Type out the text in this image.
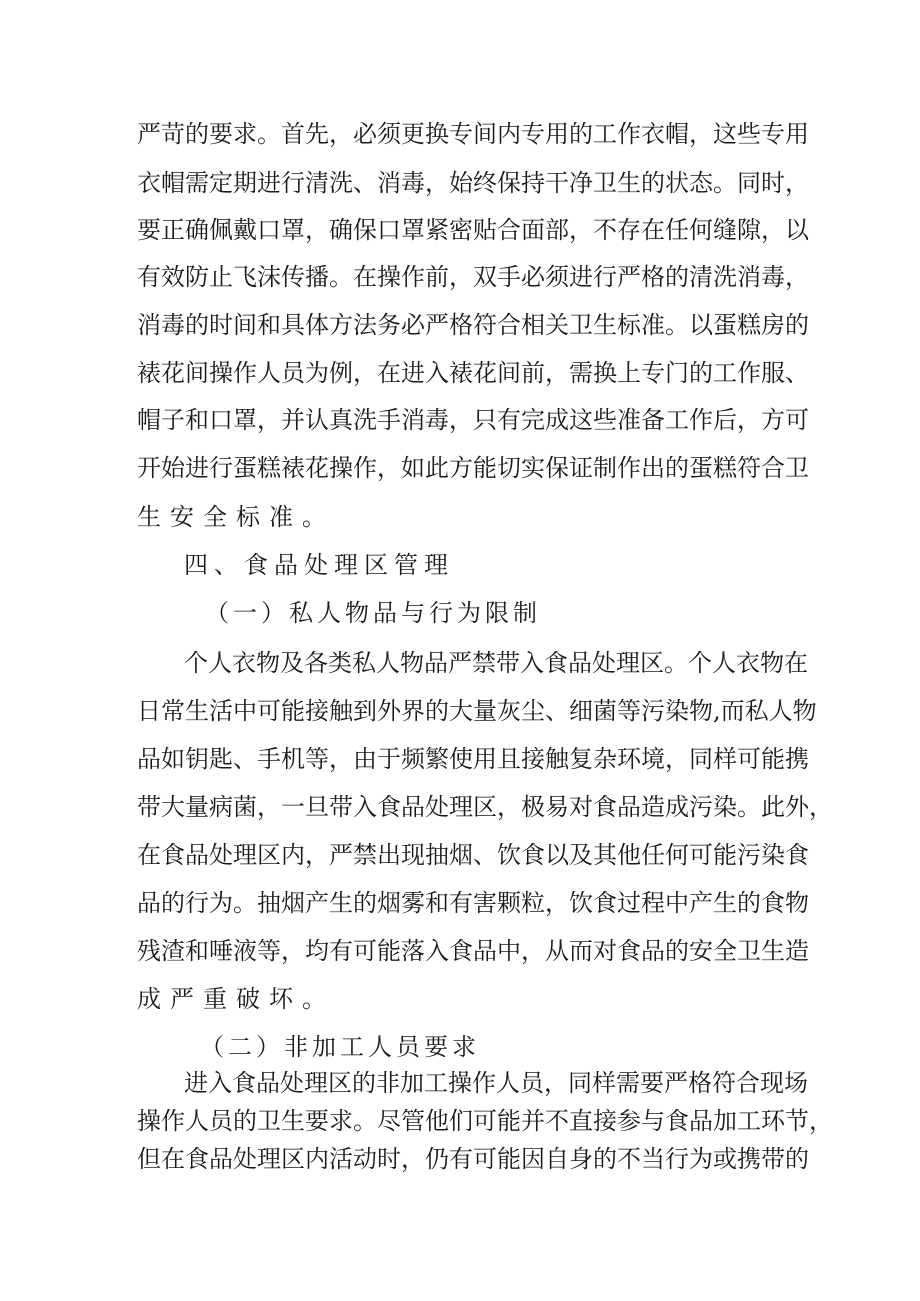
严苛的要求。首先，必须更换专间内专用的工作衣帽，这些专用
衣帽需定期进行清洗、消毒，始终保持干净卫生的状态。同时，
要正确佩戴口罩，确保口罩紧密贴合面部，不存在任何缝隙，以
有效防止飞沫传播。在操作前，双手必须进行严格的清洗消毒，
消毒的时间和具体方法务必严格符合相关卫生标准。以蛋糕房的
裱花间操作人员为例，在进入裱花间前，需换上专门的工作服、
帽子和口罩，并认真洗手消毒，只有完成这些准备工作后，方可
开始进行蛋糕裱花操作，如此方能切实保证制作出的蛋糕符合卫
生安全标准。
四、食品处理区管理
（一）私人物品与行为限制
个人衣物及各类私人物品严禁带入食品处理区。个人衣物在
日常生活中可能接触到外界的大量灰尘、细菌等污染物,而私人物
品如钥匙、手机等，由于频繁使用且接触复杂环境，同样可能携
带大量病菌，一旦带入食品处理区，极易对食品造成污染。此外，
在食品处理区内，严禁出现抽烟、饮食以及其他任何可能污染食
品的行为。抽烟产生的烟雾和有害颗粒，饮食过程中产生的食物
残渣和唾液等，均有可能落入食品中，从而对食品的安全卫生造
成严重破坏。
（二）非加工人员要求
进入食品处理区的非加工操作人员，同样需要严格符合现场
操作人员的卫生要求。尽管他们可能并不直接参与食品加工环节，
但在食品处理区内活动时，仍有可能因自身的不当行为或携带的
